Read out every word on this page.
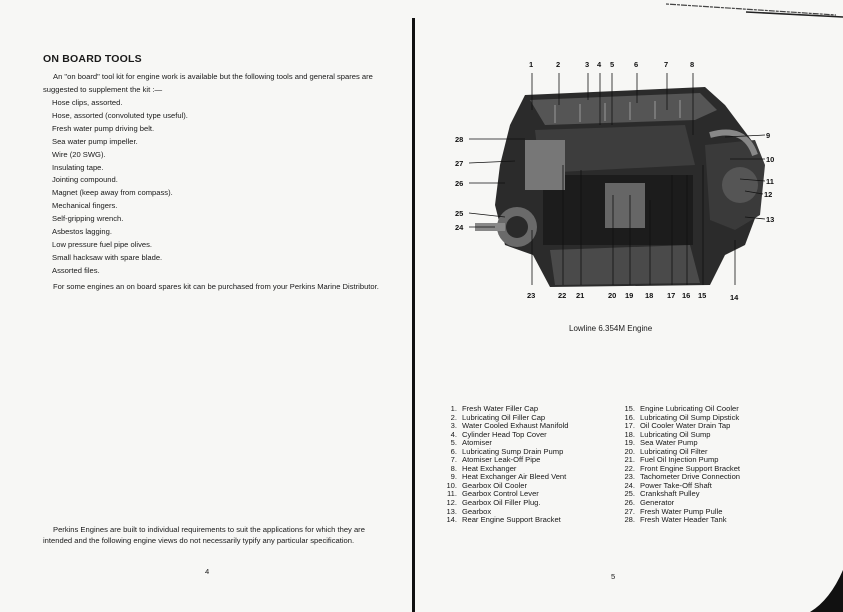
ON BOARD TOOLS
An "on board" tool kit for engine work is available but the following tools and general spares are suggested to supplement the kit :—
Hose clips, assorted.
Hose, assorted (convoluted type useful).
Fresh water pump driving belt.
Sea water pump impeller.
Wire (20 SWG).
Insulating tape.
Jointing compound.
Magnet (keep away from compass).
Mechanical fingers.
Self-gripping wrench.
Asbestos lagging.
Low pressure fuel pipe olives.
Small hacksaw with spare blade.
Assorted files.
For some engines an on board spares kit can be purchased from your Perkins Marine Distributor.
Perkins Engines are built to individual requirements to suit the applications for which they are intended and the following engine views do not necessarily typify any particular specification.
4
1	2	3 4 5	6	7	8
9
10
11
12
13
28
27
26
25
24
23	22 21	20 19 18 17 16 15	14
Lowline 6.354M Engine
1. Fresh Water Filler Cap
2. Lubricating Oil Filler Cap
3. Water Cooled Exhaust Manifold
4. Cylinder Head Top Cover
5. Atomiser
6. Lubricating Sump Drain Pump
7. Atomiser Leak-Off Pipe
8. Heat Exchanger
9. Heat Exchanger Air Bleed Vent
10. Gearbox Oil Cooler
11. Gearbox Control Lever
12. Gearbox Oil Filler Plug.
13. Gearbox
14. Rear Engine Support Bracket
15. Engine Lubricating Oil Cooler
16. Lubricating Oil Sump Dipstick
17. Oil Cooler Water Drain Tap
18. Lubricating Oil Sump
19. Sea Water Pump
20. Lubricating Oil Filter
21. Fuel Oil Injection Pump
22. Front Engine Support Bracket
23. Tachometer Drive Connection
24. Power Take-Off Shaft
25. Crankshaft Pulley
26. Generator
27. Fresh Water Pump Pulle
28. Fresh Water Header Tank
5
